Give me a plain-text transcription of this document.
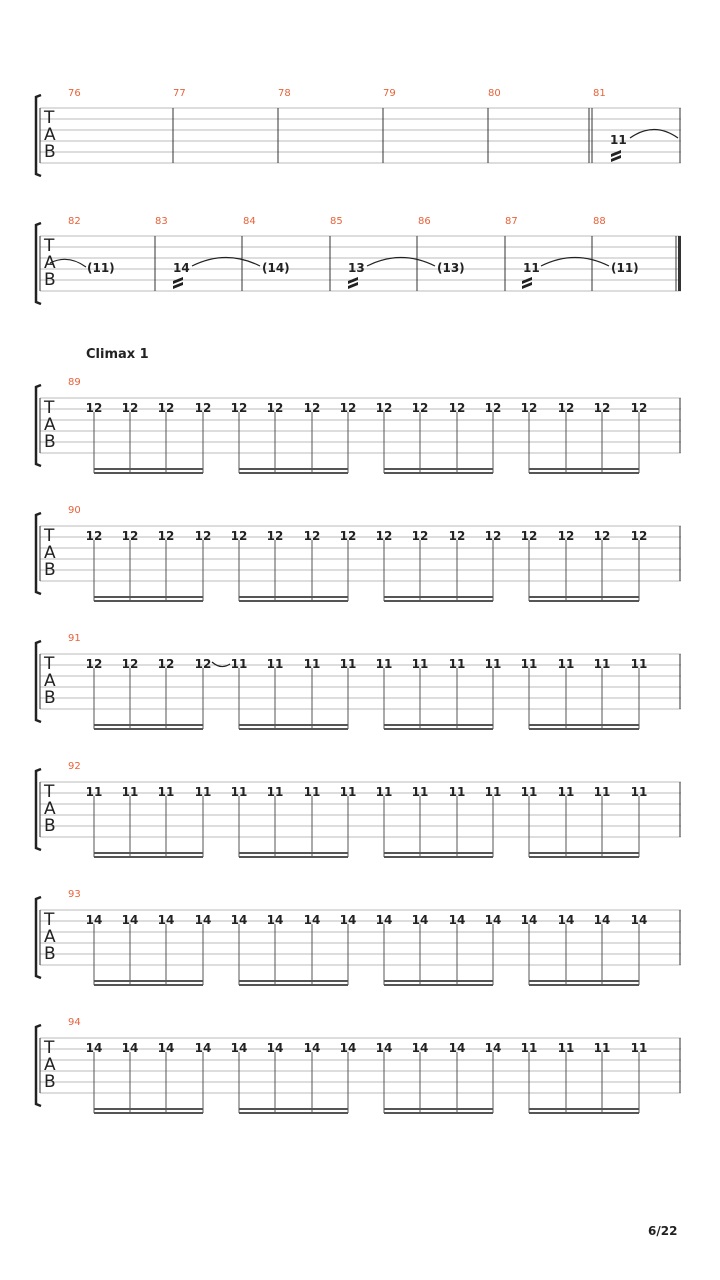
T
A
B
76	77	78	79	80	81
11
T
A
B
82	83	84	85	86	87	88
(11)	14	(14)	13	(13)	11	(11)
Climax 1
T
A
B
89
12 12 12 12 12 12 12 12 12 12 12 12 12 12 12 12
T
A
B
90
12 12 12 12 12 12 12 12 12 12 12 12 12 12 12 12
T
A
B
91
12 12 12 12 11 11 11 11 11 11 11 11 11 11 11 11
T
A
B
92
11 11 11 11 11 11 11 11 11 11 11 11 11 11 11 11
T
A
B
93
14 14 14 14 14 14 14 14 14 14 14 14 14 14 14 14
T
A
B
94
14 14 14 14 14 14 14 14 14 14 14 14 11 11 11 11
6/22
